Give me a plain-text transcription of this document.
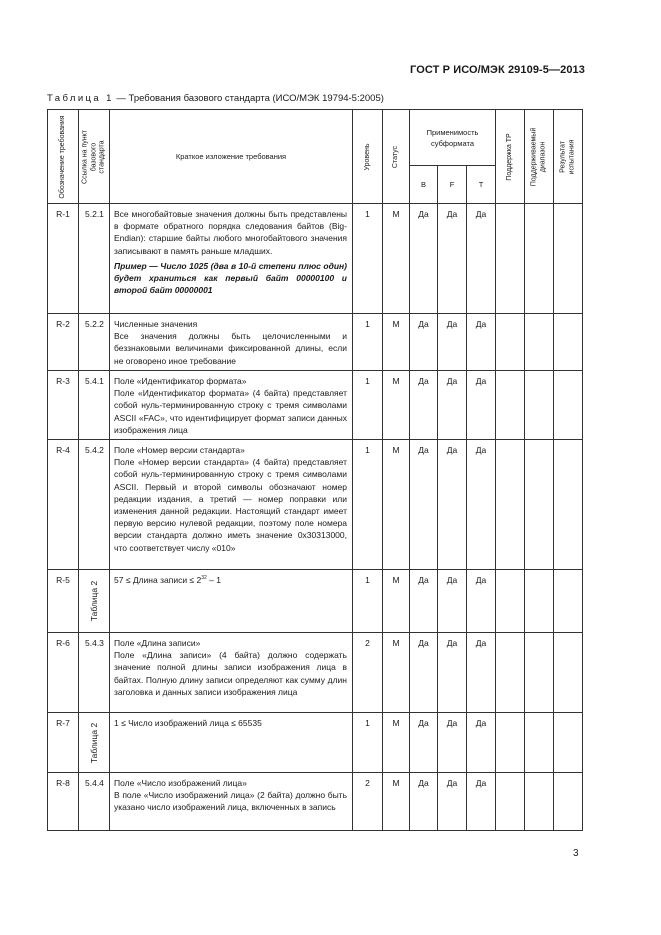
ГОСТ Р ИСО/МЭК 29109-5—2013
Таблица 1 — Требования базового стандарта (ИСО/МЭК 19794-5:2005)
Обозначение требования	Ссылка на пункт базового стандарта	Краткое изложение требования	Уровень	Статус	Применимость субформата			Поддержка ТР	Поддерживаемый диапазон	Результат испытания

					B	F	T			
R-1	5.2.1	Все многобайтовые значения должны быть представлены в формате обратного порядка следования байтов (Big-Endian): старшие байты любого многобайтового значения записывают в память раньше младших.

Пример — Число 1025 (два в 10-й степени плюс один) будет храниться как первый байт 00000100 и второй байт 00000001	1	M	Да	Да	Да			
R-2	5.2.2	Численные значения
Все значения должны быть целочисленными и беззнаковыми величинами фиксированной длины, если не оговорено иное требование	1	M	Да	Да	Да			
R-3	5.4.1	Поле «Идентификатор формата»
Поле «Идентификатор формата» (4 байта) представляет собой нуль-терминированную строку с тремя символами ASCII «FAC», что идентифицирует формат записи данных изображения лица	1	M	Да	Да	Да			
R-4	5.4.2	Поле «Номер версии стандарта»
Поле «Номер версии стандарта» (4 байта) представляет собой нуль-терминированную строку с тремя символами ASCII. Первый и второй символы обозначают номер редакции издания, а третий — номер поправки или изменения данной редакции. Настоящий стандарт имеет первую версию нулевой редакции, поэтому поле номера версии стандарта должно иметь значение 0x30313000, что соответствует числу «010»	1	M	Да	Да	Да			
R-5	Таблица 2	57 ≤ Длина записи ≤ $2^{32} - 1$	1	M	Да	Да	Да			
R-6	5.4.3	Поле «Длина записи»
Поле «Длина записи» (4 байта) должно содержать значение полной длины записи изображения лица в байтах. Полную длину записи определяют как сумму длин заголовка и данных записи изображения лица	2	M	Да	Да	Да			
R-7	Таблица 2	1 ≤ Число изображений лица ≤ 65535	1	M	Да	Да	Да			
R-8	5.4.4	Поле «Число изображений лица»
В поле «Число изображений лица» (2 байта) должно быть указано число изображений лица, включенных в запись	2	M	Да	Да	Да			
3
